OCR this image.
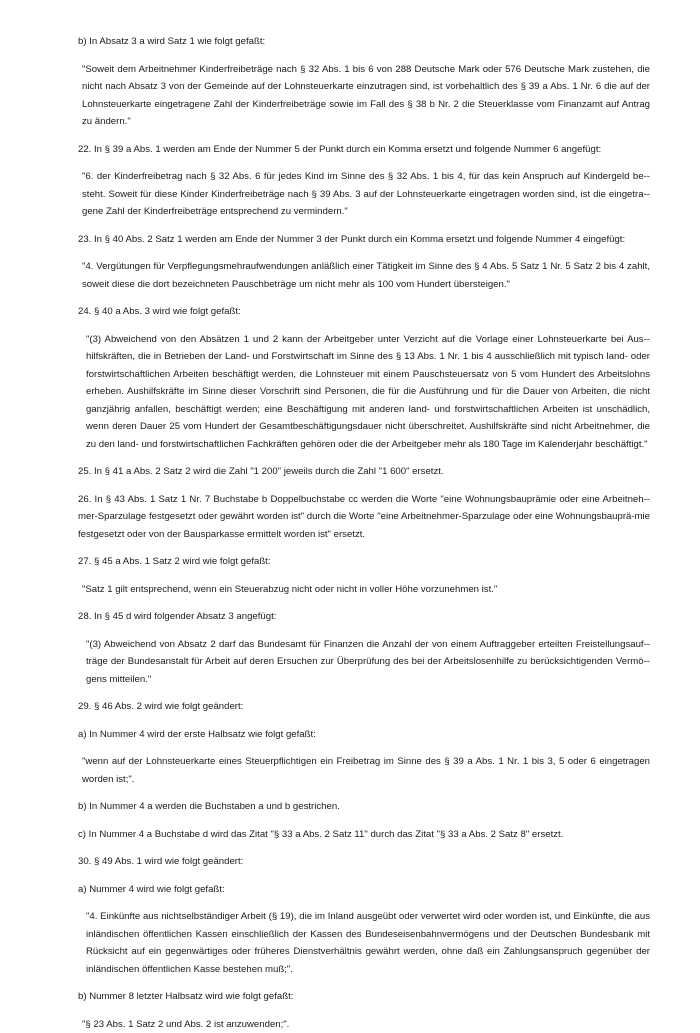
b) In Absatz 3 a wird Satz 1 wie folgt gefaßt:

"Soweit dem Arbeitnehmer Kinderfreibeträge nach § 32 Abs. 1 bis 6 von 288 Deutsche Mark oder 576 Deutsche Mark zustehen, die nicht nach Absatz 3 von der Gemeinde auf der Lohnsteuerkarte einzutragen sind, ist vorbehaltlich des § 39 a Abs. 1 Nr. 6 die auf der Lohnsteuerkarte eingetragene Zahl der Kinderfreibeträge sowie im Fall des § 38 b Nr. 2 die Steuerklasse vom Finanzamt auf Antrag zu ändern."

22. In § 39 a Abs. 1 werden am Ende der Nummer 5 der Punkt durch ein Komma ersetzt und folgende Nummer 6 angefügt:

"6. der Kinderfreibetrag nach § 32 Abs. 6 für jedes Kind im Sinne des § 32 Abs. 1 bis 4, für das kein Anspruch auf Kindergeld be-steht. Soweit für diese Kinder Kinderfreibeträge nach § 39 Abs. 3 auf der Lohnsteuerkarte eingetragen worden sind, ist die eingetra-gene Zahl der Kinderfreibeträge entsprechend zu vermindern."

23. In § 40 Abs. 2 Satz 1 werden am Ende der Nummer 3 der Punkt durch ein Komma ersetzt und folgende Nummer 4 eingefügt:

"4. Vergütungen für Verpflegungsmehraufwendungen anläßlich einer Tätigkeit im Sinne des § 4 Abs. 5 Satz 1 Nr. 5 Satz 2 bis 4 zahlt, soweit diese die dort bezeichneten Pauschbeträge um nicht mehr als 100 vom Hundert übersteigen."

24. § 40 a Abs. 3 wird wie folgt gefaßt:

"(3) Abweichend von den Absätzen 1 und 2 kann der Arbeitgeber unter Verzicht auf die Vorlage einer Lohnsteuerkarte bei Aus-hilfskräften, die in Betrieben der Land- und Forstwirtschaft im Sinne des § 13 Abs. 1 Nr. 1 bis 4 ausschließlich mit typisch land- oder forstwirtschaftlichen Arbeiten beschäftigt werden, die Lohnsteuer mit einem Pauschsteuersatz von 5 vom Hundert des Arbeitslohns erheben. Aushilfskräfte im Sinne dieser Vorschrift sind Personen, die für die Ausführung und für die Dauer von Arbeiten, die nicht ganzjährig anfallen, beschäftigt werden; eine Beschäftigung mit anderen land- und forstwirtschaftlichen Arbeiten ist unschädlich, wenn deren Dauer 25 vom Hundert der Gesamtbeschäftigungsdauer nicht überschreitet. Aushilfskräfte sind nicht Arbeitnehmer, die zu den land- und forstwirtschaftlichen Fachkräften gehören oder die der Arbeitgeber mehr als 180 Tage im Kalenderjahr beschäftigt."

25. In § 41 a Abs. 2 Satz 2 wird die Zahl "1 200" jeweils durch die Zahl "1 600" ersetzt.

26. In § 43 Abs. 1 Satz 1 Nr. 7 Buchstabe b Doppelbuchstabe cc werden die Worte "eine Wohnungsbauprämie oder eine Arbeitneh-mer-Sparzulage festgesetzt oder gewährt worden ist" durch die Worte "eine Arbeitnehmer-Sparzulage oder eine Wohnungsbauprä-mie festgesetzt oder von der Bausparkasse ermittelt worden ist" ersetzt.

27. § 45 a Abs. 1 Satz 2 wird wie folgt gefaßt:

"Satz 1 gilt entsprechend, wenn ein Steuerabzug nicht oder nicht in voller Höhe vorzunehmen ist."

28. In § 45 d wird folgender Absatz 3 angefügt:

"(3) Abweichend von Absatz 2 darf das Bundesamt für Finanzen die Anzahl der von einem Auftraggeber erteilten Freistellungsauf-träge der Bundesanstalt für Arbeit auf deren Ersuchen zur Überprüfung des bei der Arbeitslosenhilfe zu berücksichtigenden Vermö-gens mitteilen."

29. § 46 Abs. 2 wird wie folgt geändert:

a) In Nummer 4 wird der erste Halbsatz wie folgt gefaßt:

"wenn auf der Lohnsteuerkarte eines Steuerpflichtigen ein Freibetrag im Sinne des § 39 a Abs. 1 Nr. 1 bis 3, 5 oder 6 eingetragen worden ist;".

b) In Nummer 4 a werden die Buchstaben a und b gestrichen.

c) In Nummer 4 a Buchstabe d wird das Zitat "§ 33 a Abs. 2 Satz 11" durch das Zitat "§ 33 a Abs. 2 Satz 8" ersetzt.

30. § 49 Abs. 1 wird wie folgt geändert:

a) Nummer 4 wird wie folgt gefaßt:

"4. Einkünfte aus nichtselbständiger Arbeit (§ 19), die im Inland ausgeübt oder verwertet wird oder worden ist, und Einkünfte, die aus inländischen öffentlichen Kassen einschließlich der Kassen des Bundeseisenbahnvermögens und der Deutschen Bundesbank mit Rücksicht auf ein gegenwärtiges oder früheres Dienstverhältnis gewährt werden, ohne daß ein Zahlungsanspruch gegenüber der inländischen öffentlichen Kasse bestehen muß;".

b) Nummer 8 letzter Halbsatz wird wie folgt gefaßt:

"§ 23 Abs. 1 Satz 2 und Abs. 2 ist anzuwenden;".
